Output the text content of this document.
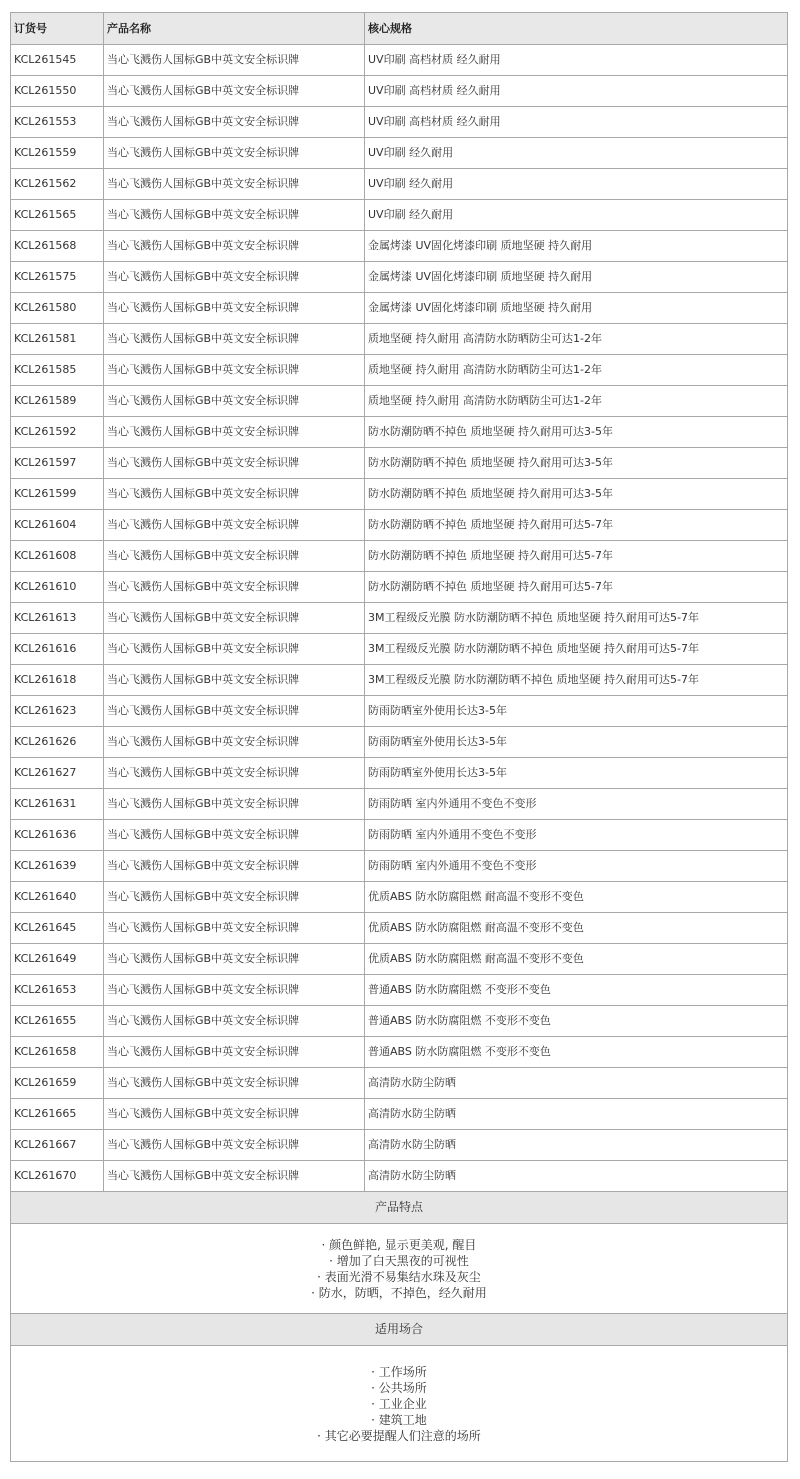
订货号	产品名称	核心规格
KCL261545	当心飞溅伤人国标GB中英文安全标识牌	UV印刷 高档材质 经久耐用
KCL261550	当心飞溅伤人国标GB中英文安全标识牌	UV印刷 高档材质 经久耐用
KCL261553	当心飞溅伤人国标GB中英文安全标识牌	UV印刷 高档材质 经久耐用
KCL261559	当心飞溅伤人国标GB中英文安全标识牌	UV印刷 经久耐用
KCL261562	当心飞溅伤人国标GB中英文安全标识牌	UV印刷 经久耐用
KCL261565	当心飞溅伤人国标GB中英文安全标识牌	UV印刷 经久耐用
KCL261568	当心飞溅伤人国标GB中英文安全标识牌	金属烤漆 UV固化烤漆印刷 质地坚硬 持久耐用
KCL261575	当心飞溅伤人国标GB中英文安全标识牌	金属烤漆 UV固化烤漆印刷 质地坚硬 持久耐用
KCL261580	当心飞溅伤人国标GB中英文安全标识牌	金属烤漆 UV固化烤漆印刷 质地坚硬 持久耐用
KCL261581	当心飞溅伤人国标GB中英文安全标识牌	质地坚硬 持久耐用 高清防水防晒防尘可达1-2年
KCL261585	当心飞溅伤人国标GB中英文安全标识牌	质地坚硬 持久耐用 高清防水防晒防尘可达1-2年
KCL261589	当心飞溅伤人国标GB中英文安全标识牌	质地坚硬 持久耐用 高清防水防晒防尘可达1-2年
KCL261592	当心飞溅伤人国标GB中英文安全标识牌	防水防潮防晒不掉色 质地坚硬 持久耐用可达3-5年
KCL261597	当心飞溅伤人国标GB中英文安全标识牌	防水防潮防晒不掉色 质地坚硬 持久耐用可达3-5年
KCL261599	当心飞溅伤人国标GB中英文安全标识牌	防水防潮防晒不掉色 质地坚硬 持久耐用可达3-5年
KCL261604	当心飞溅伤人国标GB中英文安全标识牌	防水防潮防晒不掉色 质地坚硬 持久耐用可达5-7年
KCL261608	当心飞溅伤人国标GB中英文安全标识牌	防水防潮防晒不掉色 质地坚硬 持久耐用可达5-7年
KCL261610	当心飞溅伤人国标GB中英文安全标识牌	防水防潮防晒不掉色 质地坚硬 持久耐用可达5-7年
KCL261613	当心飞溅伤人国标GB中英文安全标识牌	3M工程级反光膜 防水防潮防晒不掉色 质地坚硬 持久耐用可达5-7年
KCL261616	当心飞溅伤人国标GB中英文安全标识牌	3M工程级反光膜 防水防潮防晒不掉色 质地坚硬 持久耐用可达5-7年
KCL261618	当心飞溅伤人国标GB中英文安全标识牌	3M工程级反光膜 防水防潮防晒不掉色 质地坚硬 持久耐用可达5-7年
KCL261623	当心飞溅伤人国标GB中英文安全标识牌	防雨防晒室外使用长达3-5年
KCL261626	当心飞溅伤人国标GB中英文安全标识牌	防雨防晒室外使用长达3-5年
KCL261627	当心飞溅伤人国标GB中英文安全标识牌	防雨防晒室外使用长达3-5年
KCL261631	当心飞溅伤人国标GB中英文安全标识牌	防雨防晒 室内外通用不变色不变形
KCL261636	当心飞溅伤人国标GB中英文安全标识牌	防雨防晒 室内外通用不变色不变形
KCL261639	当心飞溅伤人国标GB中英文安全标识牌	防雨防晒 室内外通用不变色不变形
KCL261640	当心飞溅伤人国标GB中英文安全标识牌	优质ABS 防水防腐阻燃 耐高温不变形不变色
KCL261645	当心飞溅伤人国标GB中英文安全标识牌	优质ABS 防水防腐阻燃 耐高温不变形不变色
KCL261649	当心飞溅伤人国标GB中英文安全标识牌	优质ABS 防水防腐阻燃 耐高温不变形不变色
KCL261653	当心飞溅伤人国标GB中英文安全标识牌	普通ABS 防水防腐阻燃 不变形不变色
KCL261655	当心飞溅伤人国标GB中英文安全标识牌	普通ABS 防水防腐阻燃 不变形不变色
KCL261658	当心飞溅伤人国标GB中英文安全标识牌	普通ABS 防水防腐阻燃 不变形不变色
KCL261659	当心飞溅伤人国标GB中英文安全标识牌	高清防水防尘防晒
KCL261665	当心飞溅伤人国标GB中英文安全标识牌	高清防水防尘防晒
KCL261667	当心飞溅伤人国标GB中英文安全标识牌	高清防水防尘防晒
KCL261670	当心飞溅伤人国标GB中英文安全标识牌	高清防水防尘防晒
产品特点		

· 颜色鲜艳, 显示更美观, 醒目
· 增加了白天黑夜的可视性
· 表面光滑不易集结水珠及灰尘
· 防水，防晒，不掉色，经久耐用		

适用场合		

· 工作场所
· 公共场所
· 工业企业
· 建筑工地
· 其它必要提醒人们注意的场所		
